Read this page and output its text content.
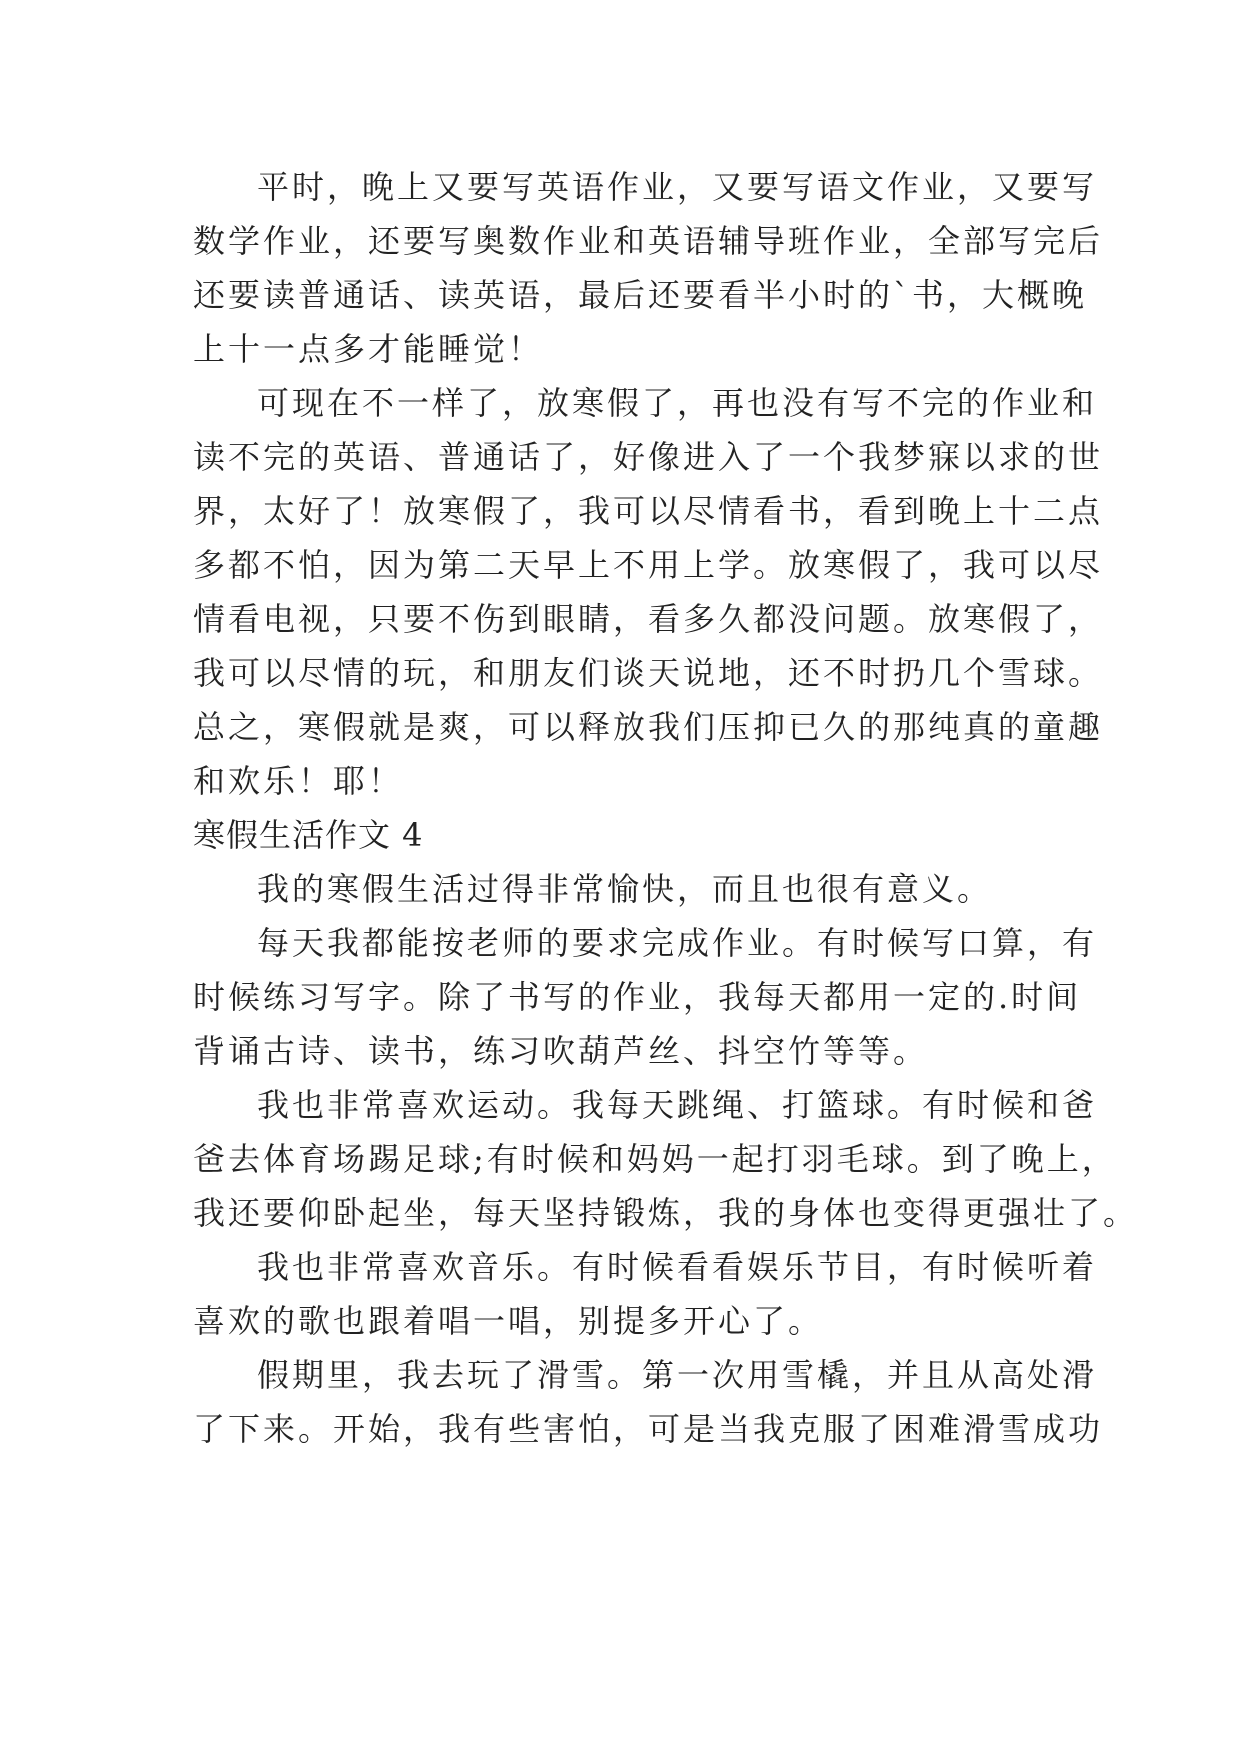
平时，晚上又要写英语作业，又要写语文作业，又要写
数学作业，还要写奥数作业和英语辅导班作业，全部写完后
还要读普通话、读英语，最后还要看半小时的`书，大概晚
上十一点多才能睡觉！

可现在不一样了，放寒假了，再也没有写不完的作业和
读不完的英语、普通话了，好像进入了一个我梦寐以求的世
界，太好了！放寒假了，我可以尽情看书，看到晚上十二点
多都不怕，因为第二天早上不用上学。放寒假了，我可以尽
情看电视，只要不伤到眼睛，看多久都没问题。放寒假了，
我可以尽情的玩，和朋友们谈天说地，还不时扔几个雪球。
总之，寒假就是爽，可以释放我们压抑已久的那纯真的童趣
和欢乐！耶！

寒假生活作文 4

我的寒假生活过得非常愉快，而且也很有意义。

每天我都能按老师的要求完成作业。有时候写口算，有
时候练习写字。除了书写的作业，我每天都用一定的.时间
背诵古诗、读书，练习吹葫芦丝、抖空竹等等。

我也非常喜欢运动。我每天跳绳、打篮球。有时候和爸
爸去体育场踢足球;有时候和妈妈一起打羽毛球。到了晚上，
我还要仰卧起坐，每天坚持锻炼，我的身体也变得更强壮了。

我也非常喜欢音乐。有时候看看娱乐节目，有时候听着
喜欢的歌也跟着唱一唱，别提多开心了。

假期里，我去玩了滑雪。第一次用雪橇，并且从高处滑
了下来。开始，我有些害怕，可是当我克服了困难滑雪成功
